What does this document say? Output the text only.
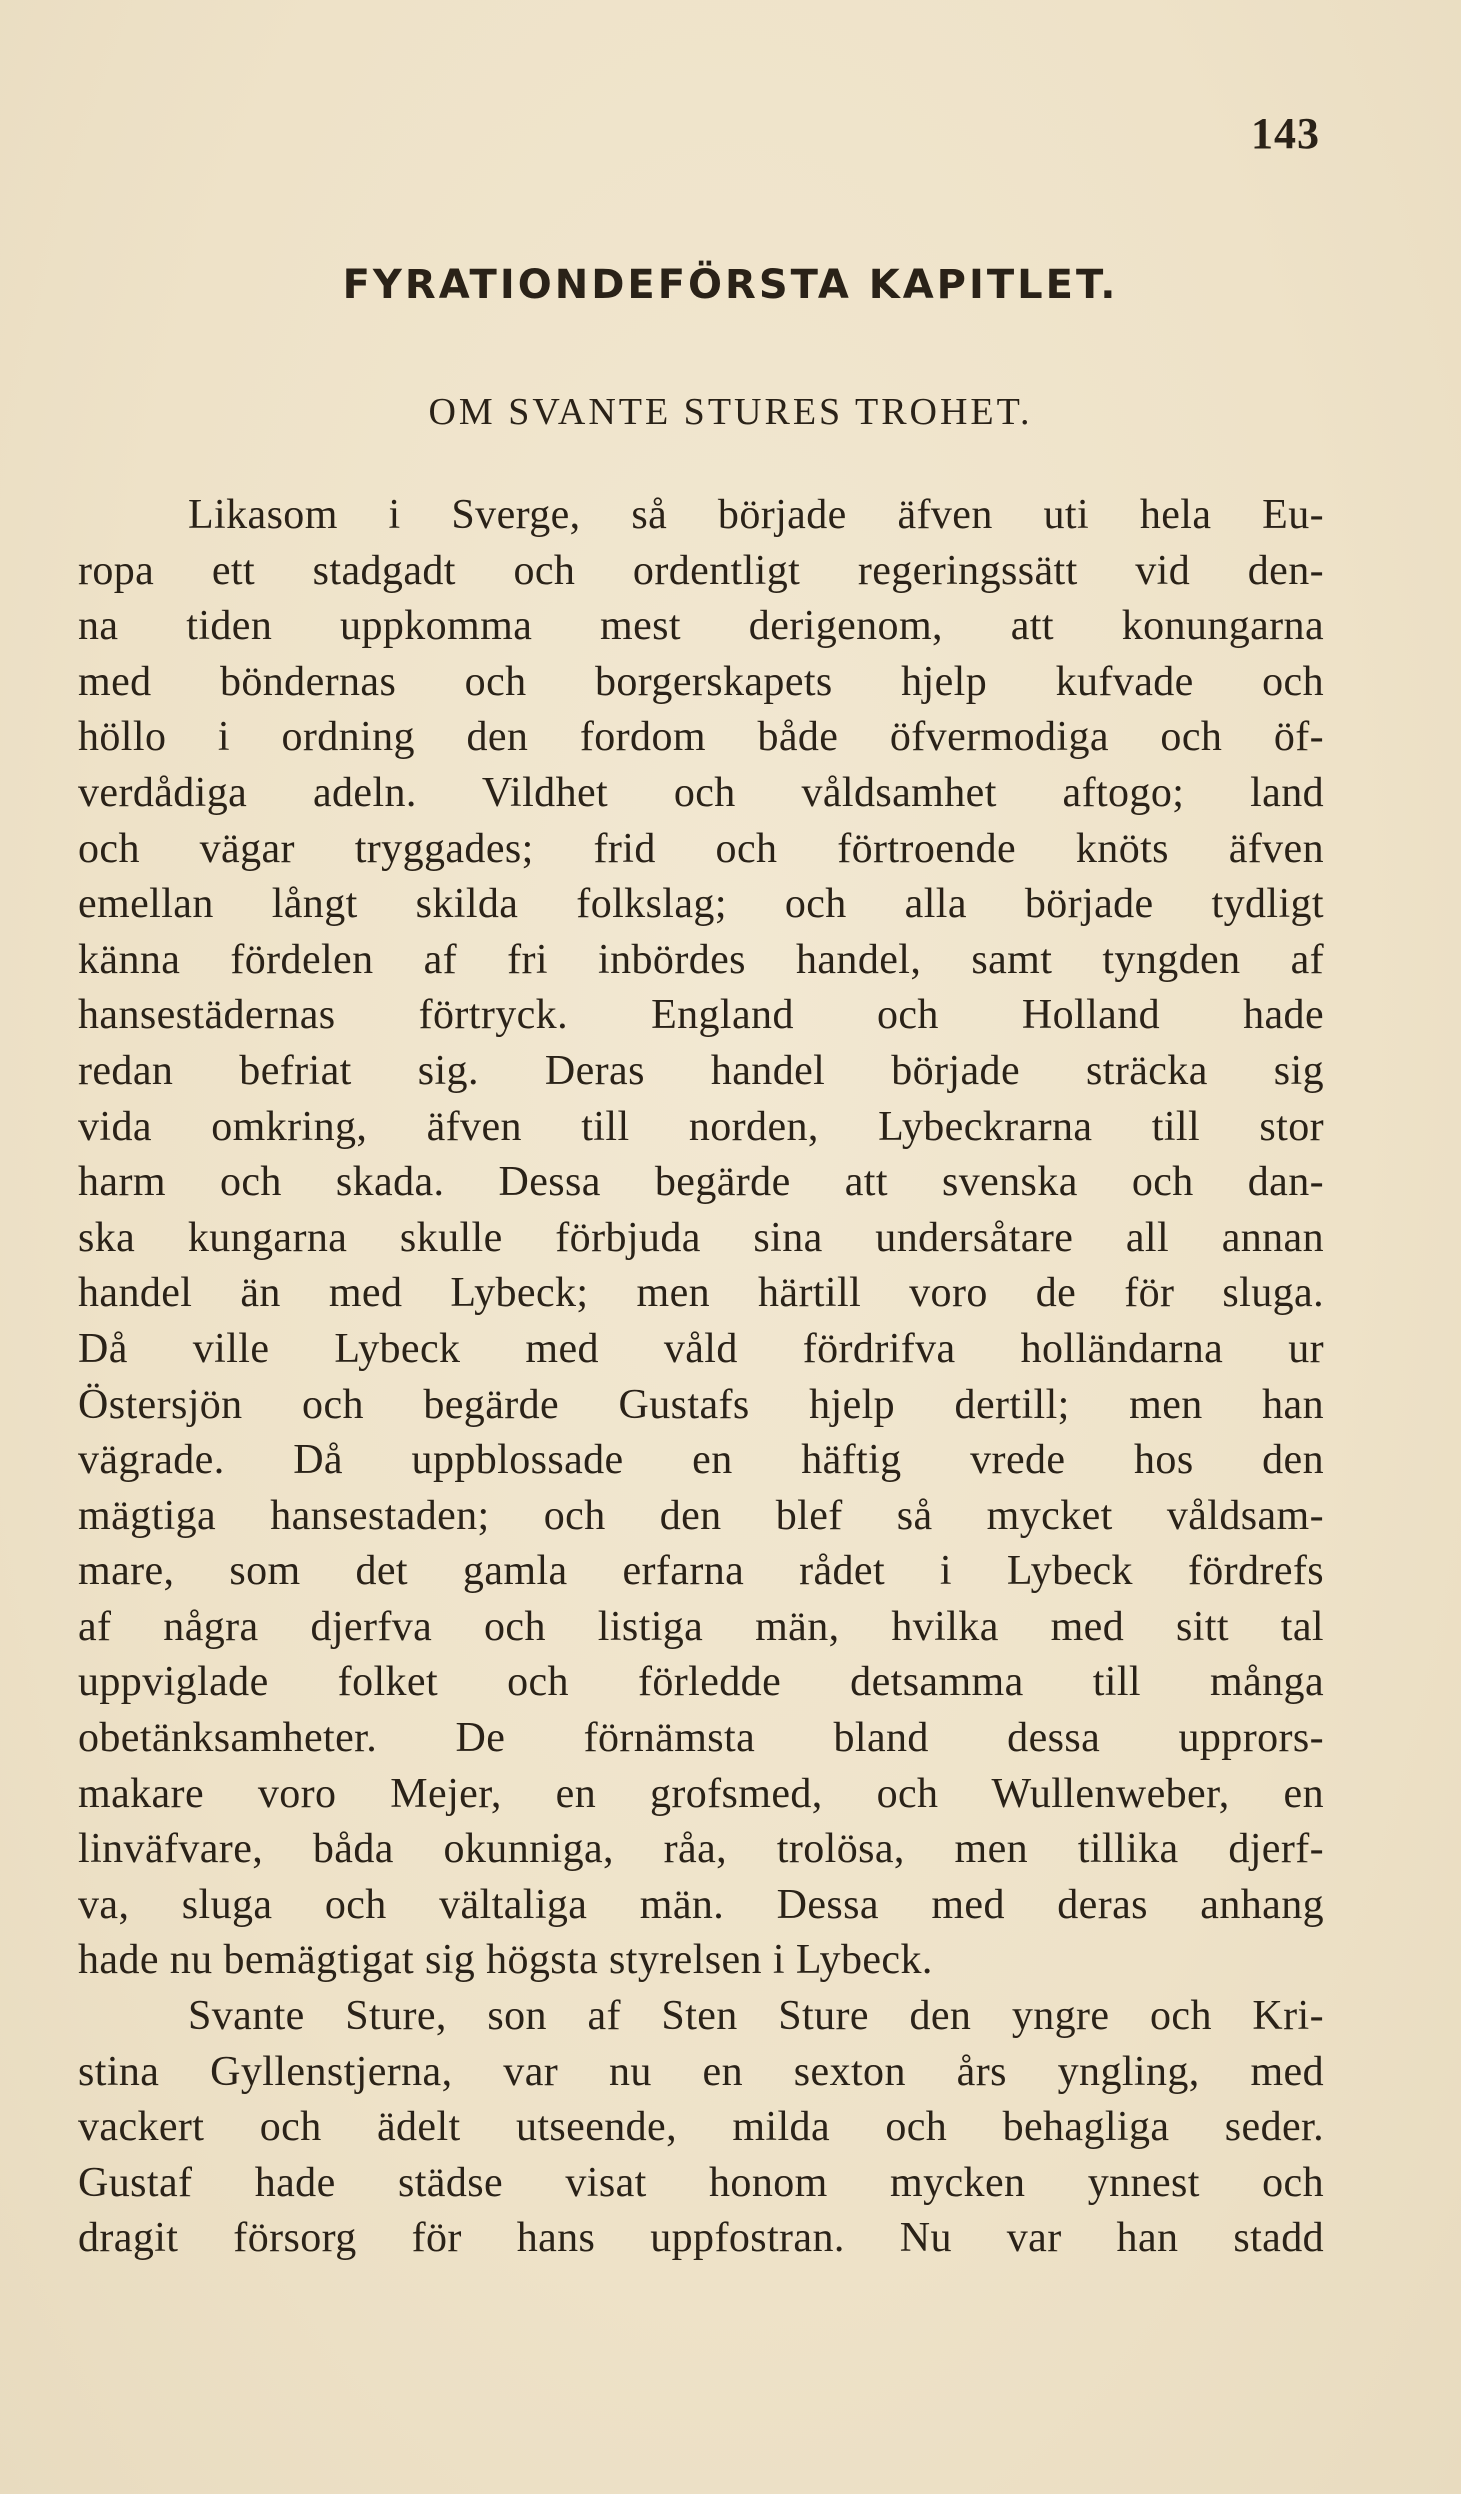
143
FYRATIONDEFÖRSTA KAPITLET.
OM SVANTE STURES TROHET.
Likasom i Sverge, så började äfven uti hela Eu-
ropa ett stadgadt och ordentligt regeringssätt vid den-
na tiden uppkomma mest derigenom, att konungarna
med böndernas och borgerskapets hjelp kufvade och
höllo i ordning den fordom både öfvermodiga och öf-
verdådiga adeln. Vildhet och våldsamhet aftogo; land
och vägar tryggades; frid och förtroende knöts äfven
emellan långt skilda folkslag; och alla började tydligt
känna fördelen af fri inbördes handel, samt tyngden af
hansestädernas förtryck. England och Holland hade
redan befriat sig. Deras handel började sträcka sig
vida omkring, äfven till norden, Lybeckrarna till stor
harm och skada. Dessa begärde att svenska och dan-
ska kungarna skulle förbjuda sina undersåtare all annan
handel än med Lybeck; men härtill voro de för sluga.
Då ville Lybeck med våld fördrifva holländarna ur
Östersjön och begärde Gustafs hjelp dertill; men han
vägrade. Då uppblossade en häftig vrede hos den
mägtiga hansestaden; och den blef så mycket våldsam-
mare, som det gamla erfarna rådet i Lybeck fördrefs
af några djerfva och listiga män, hvilka med sitt tal
uppviglade folket och förledde detsamma till många
obetänksamheter. De förnämsta bland dessa upprors-
makare voro Mejer, en grofsmed, och Wullenweber, en
linväfvare, båda okunniga, råa, trolösa, men tillika djerf-
va, sluga och vältaliga män. Dessa med deras anhang
hade nu bemägtigat sig högsta styrelsen i Lybeck.
Svante Sture, son af Sten Sture den yngre och Kri-
stina Gyllenstjerna, var nu en sexton års yngling, med
vackert och ädelt utseende, milda och behagliga seder.
Gustaf hade städse visat honom mycken ynnest och
dragit försorg för hans uppfostran. Nu var han stadd
